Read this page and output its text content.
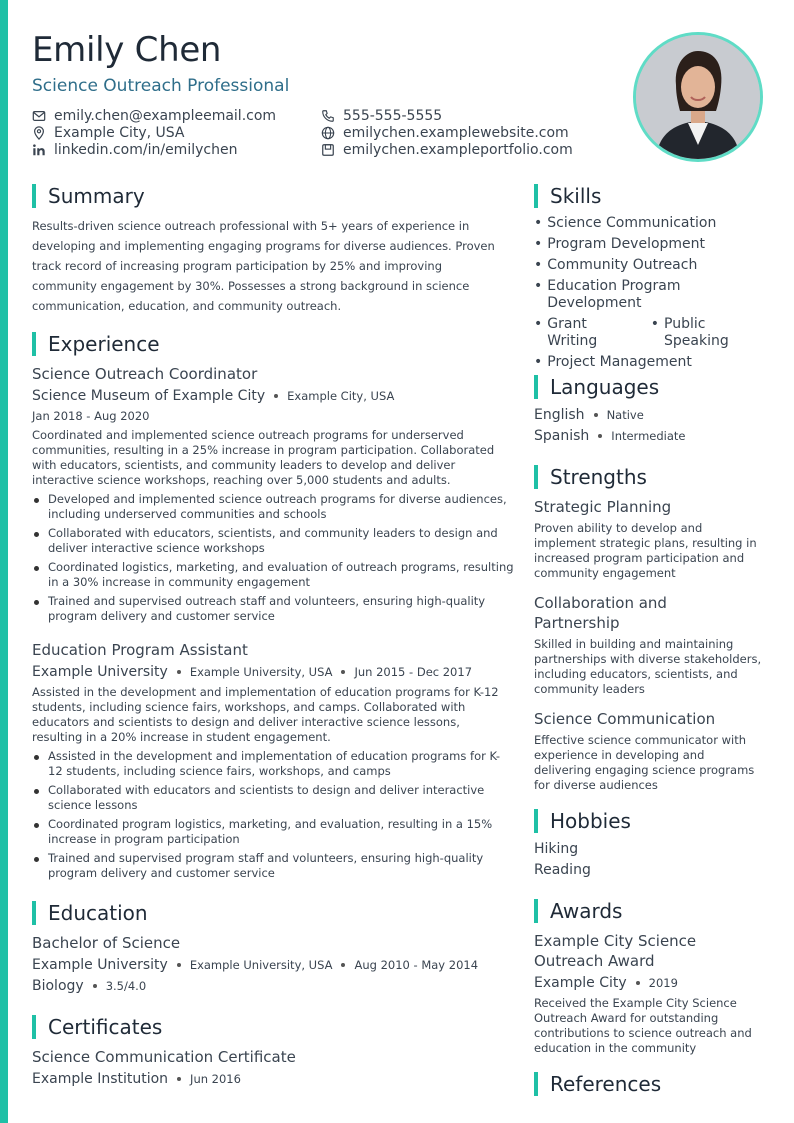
Emily Chen
Science Outreach Professional
emily.chen@exampleemail.com	555-555-5555
Example City, USA	emilychen.examplewebsite.com
linkedin.com/in/emilychen	emilychen.exampleportfolio.com
Summary
Results-driven science outreach professional with 5+ years of experience in
developing and implementing engaging programs for diverse audiences. Proven
track record of increasing program participation by 25% and improving
community engagement by 30%. Possesses a strong background in science
communication, education, and community outreach.
Experience
Science Outreach Coordinator
Science Museum of Example City Example City, USA
Jan 2018 - Aug 2020
Coordinated and implemented science outreach programs for underserved communities, resulting in a 25% increase in program participation. Collaborated with educators, scientists, and community leaders to develop and deliver interactive science workshops, reaching over 5,000 students and adults.
Developed and implemented science outreach programs for diverse audiences, including underserved communities and schools
Collaborated with educators, scientists, and community leaders to design and deliver interactive science workshops
Coordinated logistics, marketing, and evaluation of outreach programs, resulting in a 30% increase in community engagement
Trained and supervised outreach staff and volunteers, ensuring high-quality program delivery and customer service
Education Program Assistant
Example University Example University, USA Jun 2015 - Dec 2017
Assisted in the development and implementation of education programs for K-12 students, including science fairs, workshops, and camps. Collaborated with educators and scientists to design and deliver interactive science lessons, resulting in a 20% increase in student engagement.
Assisted in the development and implementation of education programs for K-12 students, including science fairs, workshops, and camps
Collaborated with educators and scientists to design and deliver interactive science lessons
Coordinated program logistics, marketing, and evaluation, resulting in a 15% increase in program participation
Trained and supervised program staff and volunteers, ensuring high-quality program delivery and customer service
Education
Bachelor of Science
Example University Example University, USA Aug 2010 - May 2014
Biology 3.5/4.0
Certificates
Science Communication Certificate
Example Institution Jun 2016
Skills
• Science Communication
• Program Development
• Community Outreach
• Education Program Development
• Grant Writing
• Public Speaking
• Project Management
Languages
English Native
Spanish Intermediate
Strengths
Strategic Planning
Proven ability to develop and implement strategic plans, resulting in increased program participation and community engagement
Collaboration and Partnership
Skilled in building and maintaining partnerships with diverse stakeholders, including educators, scientists, and community leaders
Science Communication
Effective science communicator with experience in developing and delivering engaging science programs for diverse audiences
Hobbies
Hiking
Reading
Awards
Example City Science Outreach Award
Example City 2019
Received the Example City Science Outreach Award for outstanding contributions to science outreach and education in the community
References
